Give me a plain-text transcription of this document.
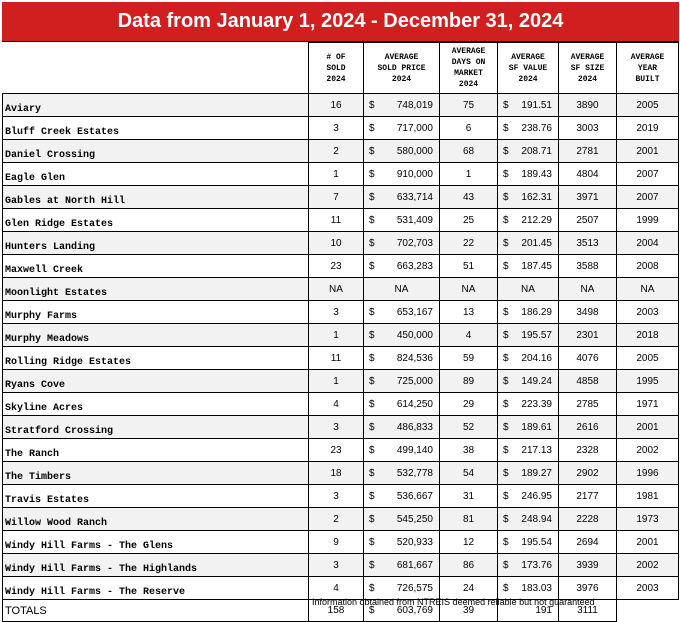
Data from January 1, 2024 - December 31, 2024
	# OF
SOLD
2024	AVERAGE
SOLD PRICE
2024	AVERAGE
DAYS ON
MARKET
2024	AVERAGE
SF VALUE
2024	AVERAGE
SF SIZE
2024	AVERAGE
YEAR
BUILT
Aviary	16	$ 748,019	75	$ 191.51	3890	2005
Bluff Creek Estates	3	$ 717,000	6	$ 238.76	3003	2019
Daniel Crossing	2	$ 580,000	68	$ 208.71	2781	2001
Eagle Glen	1	$ 910,000	1	$ 189.43	4804	2007
Gables at North Hill	7	$ 633,714	43	$ 162.31	3971	2007
Glen Ridge Estates	11	$ 531,409	25	$ 212.29	2507	1999
Hunters Landing	10	$ 702,703	22	$ 201.45	3513	2004
Maxwell Creek	23	$ 663,283	51	$ 187.45	3588	2008
Moonlight Estates	NA	NA	NA	NA	NA	NA
Murphy Farms	3	$ 653,167	13	$ 186.29	3498	2003
Murphy Meadows	1	$ 450,000	4	$ 195.57	2301	2018
Rolling Ridge Estates	11	$ 824,536	59	$ 204.16	4076	2005
Ryans Cove	1	$ 725,000	89	$ 149.24	4858	1995
Skyline Acres	4	$ 614,250	29	$ 223.39	2785	1971
Stratford Crossing	3	$ 486,833	52	$ 189.61	2616	2001
The Ranch	23	$ 499,140	38	$ 217.13	2328	2002
The Timbers	18	$ 532,778	54	$ 189.27	2902	1996
Travis Estates	3	$ 536,667	31	$ 246.95	2177	1981
Willow Wood Ranch	2	$ 545,250	81	$ 248.94	2228	1973
Windy Hill Farms - The Glens	9	$ 520,933	12	$ 195.54	2694	2001
Windy Hill Farms - The Highlands	3	$ 681,667	86	$ 173.76	3939	2002
Windy Hill Farms - The Reserve	4	$ 726,575	24	$ 183.03	3976	2003
TOTALS	158	$ 603,769	39	191	3111	
Information obtained from NTREIS deemed reliable but not guaranteed
